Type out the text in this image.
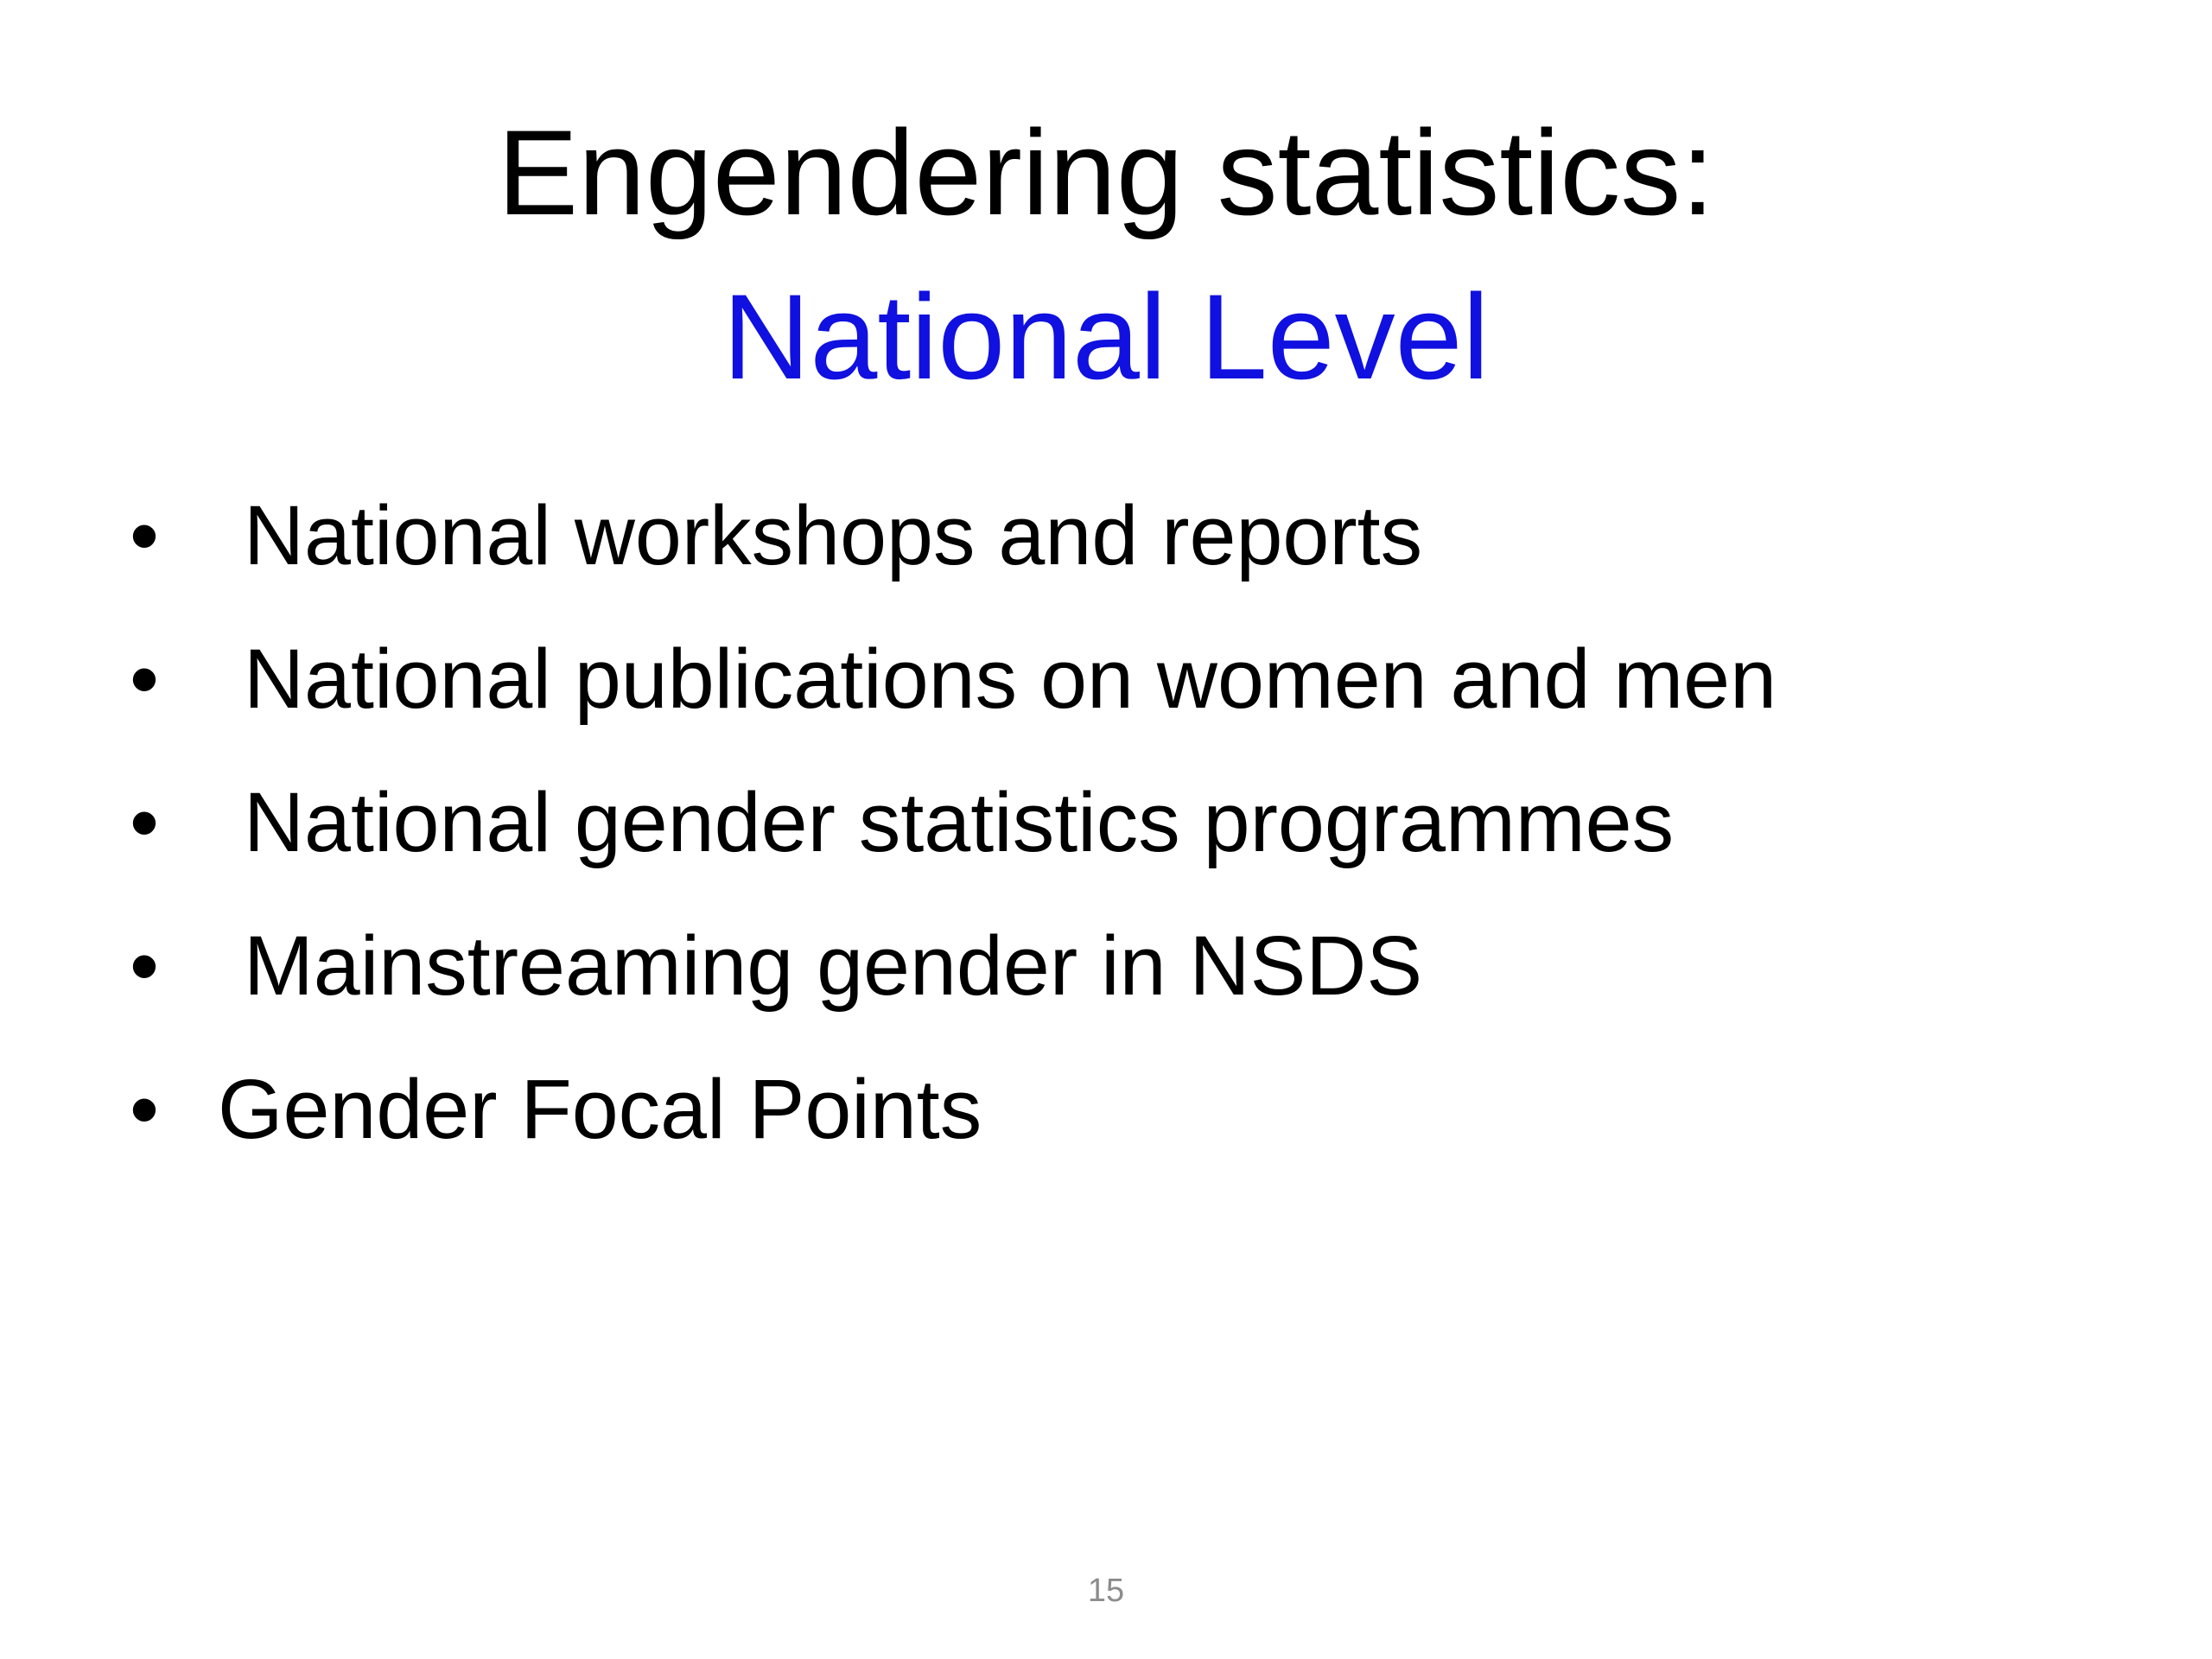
Engendering statistics:
National Level
•	National workshops and reports
•	National publications on women and men
•	National gender statistics programmes
•	Mainstreaming gender in NSDS
• Gender Focal Points
15
